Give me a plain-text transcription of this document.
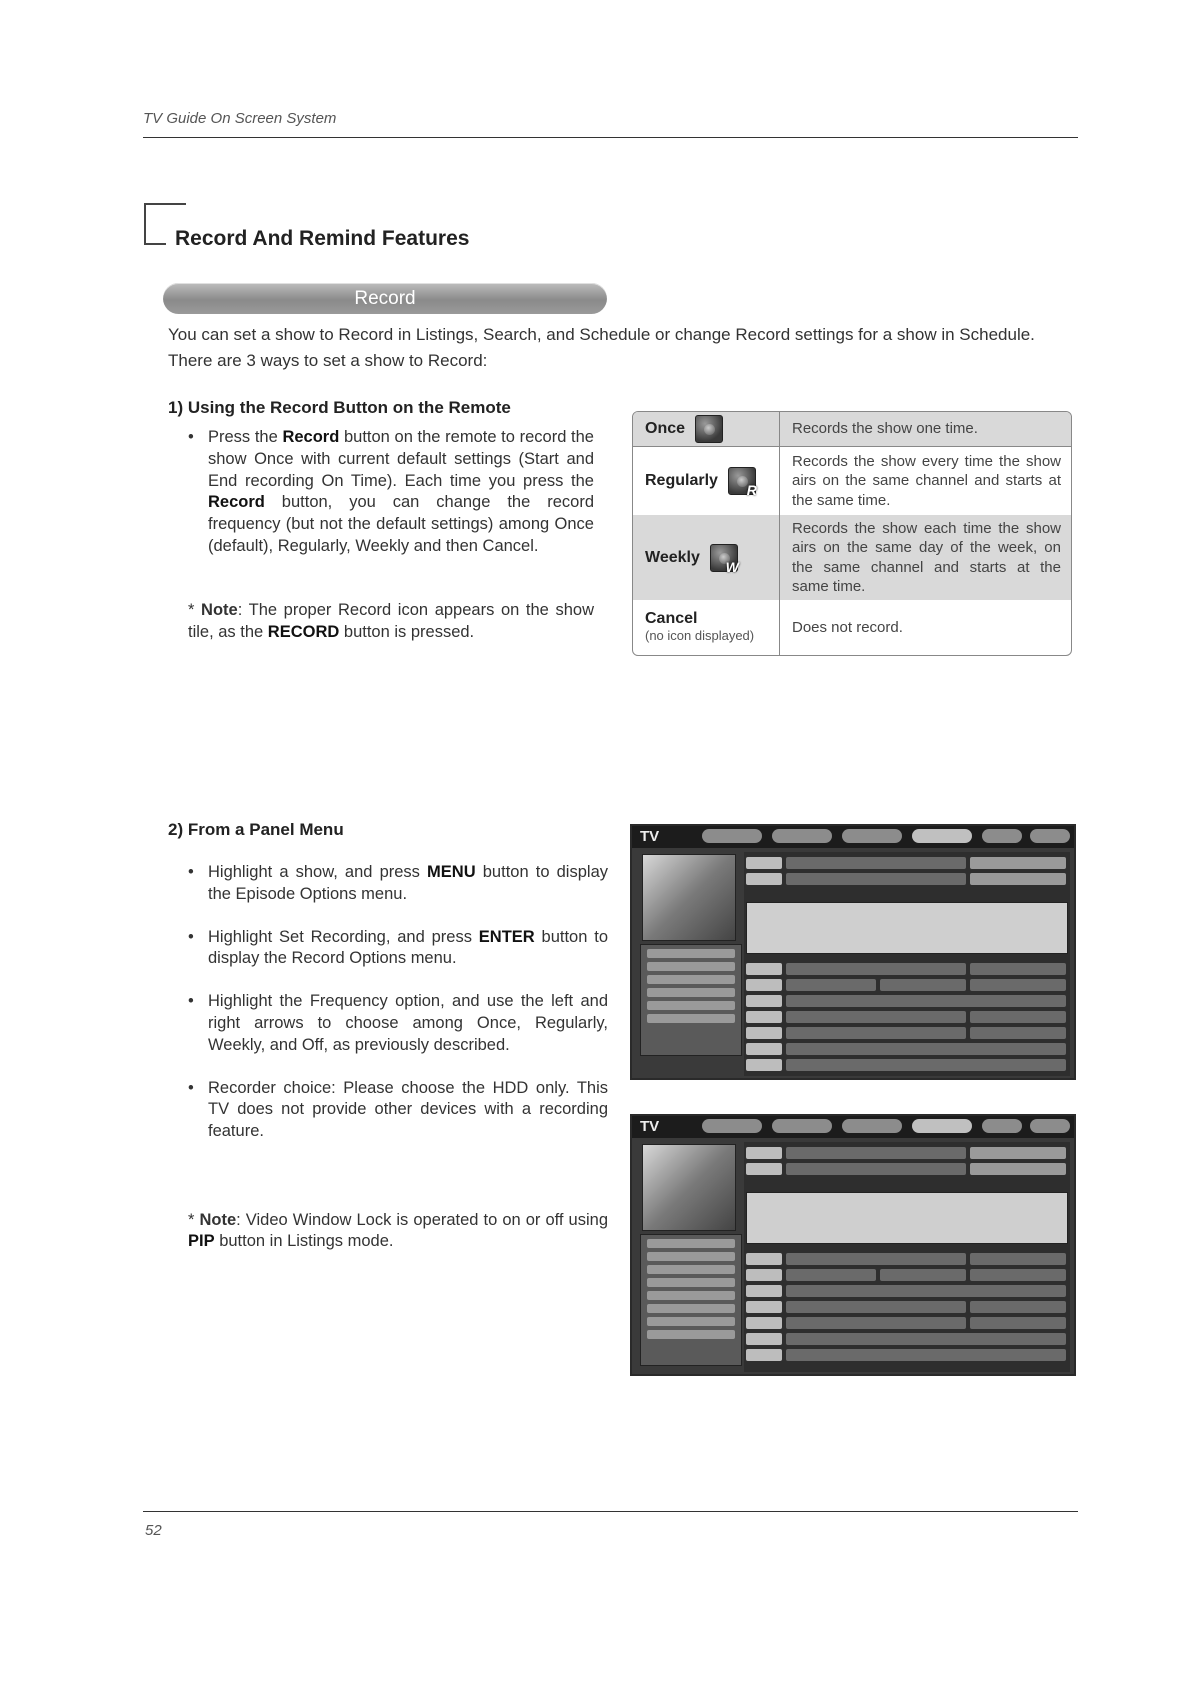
TV Guide On Screen System
Record And Remind Features
Record

You can set a show to Record in Listings, Search, and Schedule or change Record settings for a show in Schedule.

There are 3 ways to set a show to Record:

1) Using the Record Button on the Remote
• Press the Record button on the remote to record the show Once with current default settings (Start and End recording On Time). Each time you press the Record button, you can change the record frequency (but not the default settings) among Once (default), Regularly, Weekly and then Cancel.
* Note: The proper Record icon appears on the show tile, as the RECORD button is pressed.
Once	Records the show one time.
Regularly
R
Records the show every time the show airs on the same channel and starts at the same time.
Weekly
W
Records the show each time the show airs on the same day of the week, on the same channel and starts at the same time.
Cancel
(no icon displayed)	Does not record.
2) From a Panel Menu
• Highlight a show, and press MENU button to display the Episode Options menu.
• Highlight Set Recording, and press ENTER button to display the Record Options menu.
• Highlight the Frequency option, and use the left and right arrows to choose among Once, Regularly, Weekly, and Off, as previously described.
• Recorder choice: Please choose the HDD only. This TV does not provide other devices with a recording feature.
* Note: Video Window Lock is operated to on or off using PIP button in Listings mode.
TV
TV
52
